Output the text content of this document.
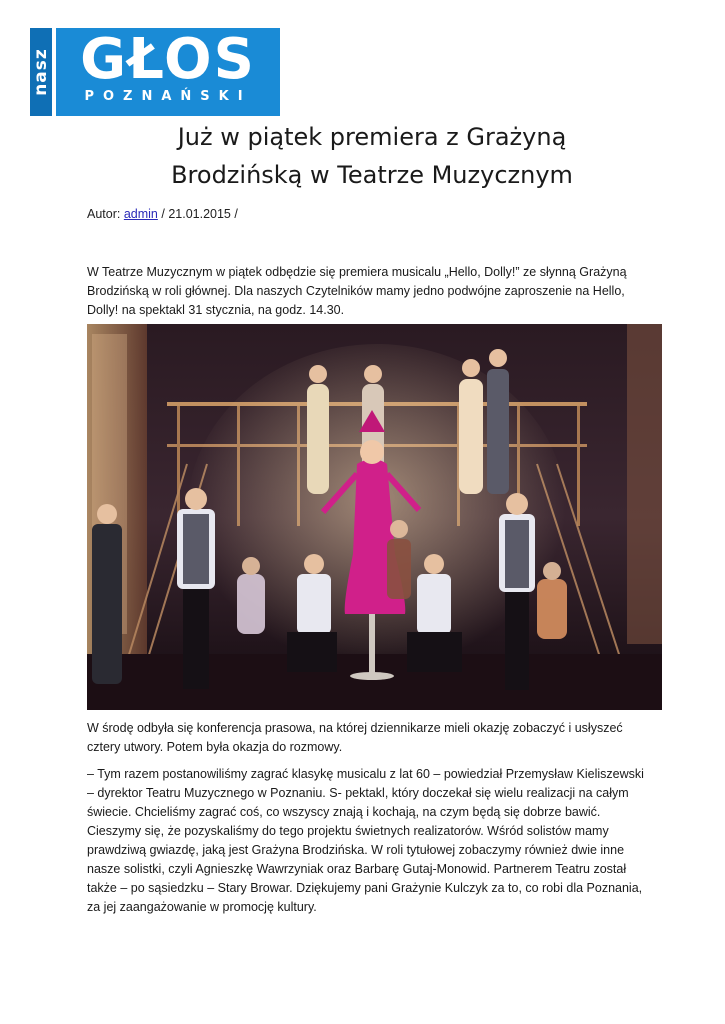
nasz GŁOS
POZNAŃSKI
Już w piątek premiera z Grażyną
Brodzińską w Teatrze Muzycznym
Autor: admin / 21.01.2015 /

W Teatrze Muzycznym w piątek odbędzie się premiera musicalu „Hello, Dolly!” ze słynną Grażyną Brodzińską w roli głównej. Dla naszych Czytelników mamy jedno podwójne zaproszenie na Hello, Dolly! na spektakl 31 stycznia, na godz. 14.30.

W środę odbyła się konferencja prasowa, na której dziennikarze mieli okazję zobaczyć i usłyszeć cztery utwory. Potem była okazja do rozmowy.

– Tym razem postanowiliśmy zagrać klasykę musicalu z lat 60 – powiedział Przemysław Kieliszewski – dyrektor Teatru Muzycznego w Poznaniu. S- pektakl, który doczekał się wielu realizacji na całym świecie. Chcieliśmy zagrać coś, co wszyscy znają i kochają, na czym będą się dobrze bawić. Cieszymy się, że pozyskaliśmy do tego projektu świetnych realizatorów. Wśród solistów mamy prawdziwą gwiazdę, jaką jest Grażyna Brodzińska. W roli tytułowej zobaczymy również dwie inne nasze solistki, czyli Agnieszkę Wawrzyniak oraz Barbarę Gutaj-Monowid. Partnerem Teatru został także – po sąsiedzku – Stary Browar. Dziękujemy pani Grażynie Kulczyk za to, co robi dla Poznania, za jej zaangażowanie w promocję kultury.
